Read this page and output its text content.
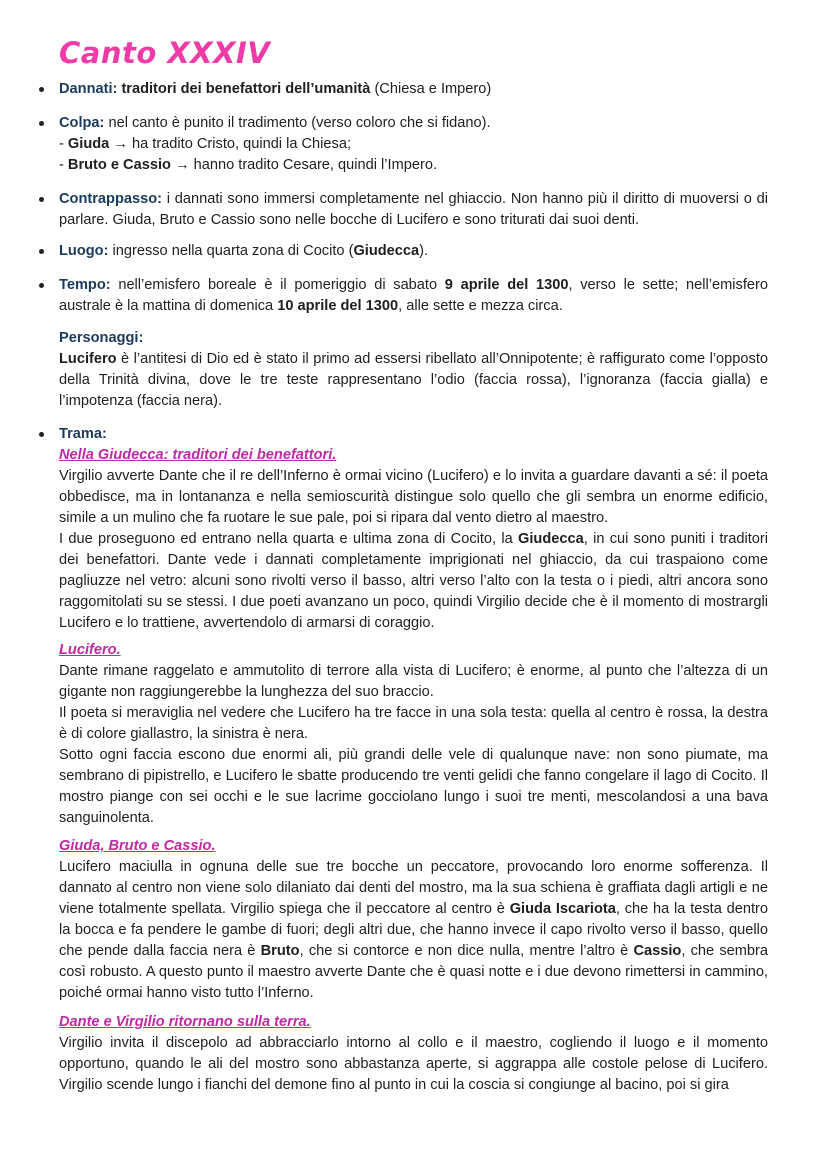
Canto XXXIV
Dannati: traditori dei benefattori dell’umanità (Chiesa e Impero)
Colpa: nel canto è punito il tradimento (verso coloro che si fidano).
- Giuda → ha tradito Cristo, quindi la Chiesa;
- Bruto e Cassio → hanno tradito Cesare, quindi l’Impero.

Contrappasso: i dannati sono immersi completamente nel ghiaccio. Non hanno più il diritto di muoversi o di parlare. Giuda, Bruto e Cassio sono nelle bocche di Lucifero e sono triturati dai suoi denti.

Luogo: ingresso nella quarta zona di Cocito (Giudecca).

Tempo: nell’emisfero boreale è il pomeriggio di sabato 9 aprile del 1300, verso le sette; nell’emisfero australe è la mattina di domenica 10 aprile del 1300, alle sette e mezza circa.

Personaggi:

Lucifero è l’antitesi di Dio ed è stato il primo ad essersi ribellato all’Onnipotente; è raffigurato come l’opposto della Trinità divina, dove le tre teste rappresentano l’odio (faccia rossa), l’ignoranza (faccia gialla) e l’impotenza (faccia nera).

Trama:

Nella Giudecca: traditori dei benefattori.

Virgilio avverte Dante che il re dell’Inferno è ormai vicino (Lucifero) e lo invita a guardare davanti a sé: il poeta obbedisce, ma in lontananza e nella semioscurità distingue solo quello che gli sembra un enorme edificio, simile a un mulino che fa ruotare le sue pale, poi si ripara dal vento dietro al maestro.

I due proseguono ed entrano nella quarta e ultima zona di Cocito, la Giudecca, in cui sono puniti i traditori dei benefattori. Dante vede i dannati completamente imprigionati nel ghiaccio, da cui traspaiono come pagliuzze nel vetro: alcuni sono rivolti verso il basso, altri verso l’alto con la testa o i piedi, altri ancora sono raggomitolati su se stessi. I due poeti avanzano un poco, quindi Virgilio decide che è il momento di mostrargli Lucifero e lo trattiene, avvertendolo di armarsi di coraggio.

Lucifero.

Dante rimane raggelato e ammutolito di terrore alla vista di Lucifero; è enorme, al punto che l’altezza di un gigante non raggiungerebbe la lunghezza del suo braccio.

Il poeta si meraviglia nel vedere che Lucifero ha tre facce in una sola testa: quella al centro è rossa, la destra è di colore giallastro, la sinistra è nera.

Sotto ogni faccia escono due enormi ali, più grandi delle vele di qualunque nave: non sono piumate, ma sembrano di pipistrello, e Lucifero le sbatte producendo tre venti gelidi che fanno congelare il lago di Cocito. Il mostro piange con sei occhi e le sue lacrime gocciolano lungo i suoi tre menti, mescolandosi a una bava sanguinolenta.

Giuda, Bruto e Cassio.

Lucifero maciulla in ognuna delle sue tre bocche un peccatore, provocando loro enorme sofferenza. Il dannato al centro non viene solo dilaniato dai denti del mostro, ma la sua schiena è graffiata dagli artigli e ne viene totalmente spellata. Virgilio spiega che il peccatore al centro è Giuda Iscariota, che ha la testa dentro la bocca e fa pendere le gambe di fuori; degli altri due, che hanno invece il capo rivolto verso il basso, quello che pende dalla faccia nera è Bruto, che si contorce e non dice nulla, mentre l’altro è Cassio, che sembra così robusto. A questo punto il maestro avverte Dante che è quasi notte e i due devono rimettersi in cammino, poiché ormai hanno visto tutto l’Inferno.

Dante e Virgilio ritornano sulla terra.

Virgilio invita il discepolo ad abbracciarlo intorno al collo e il maestro, cogliendo il luogo e il momento opportuno, quando le ali del mostro sono abbastanza aperte, si aggrappa alle costole pelose di Lucifero. Virgilio scende lungo i fianchi del demone fino al punto in cui la coscia si congiunge al bacino, poi si gira
